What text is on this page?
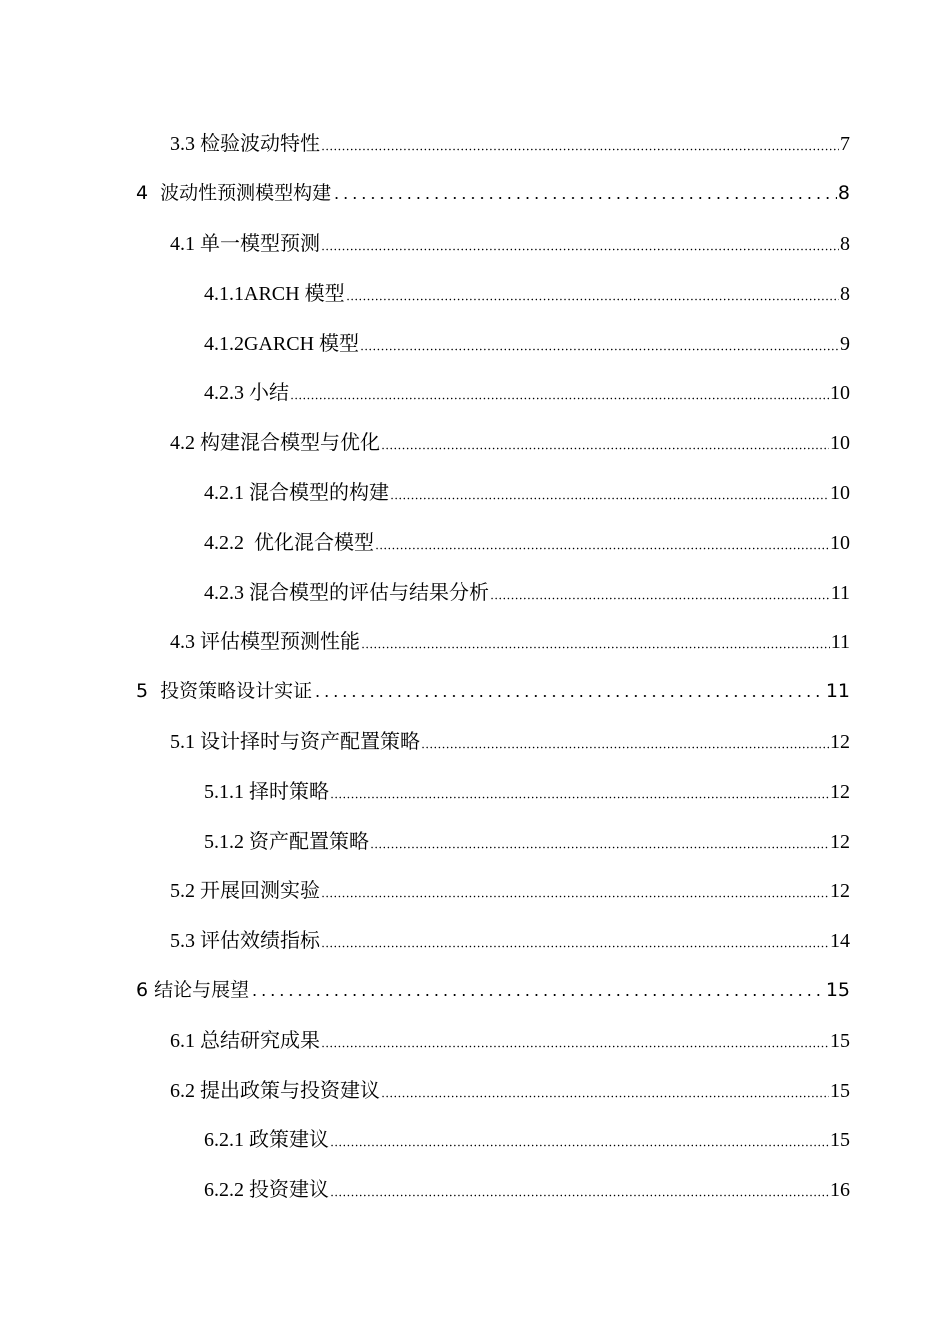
3.3 检验波动特性	7
4  波动性预测模型构建	8
4.1 单一模型预测	8
4.1.1ARCH 模型	8
4.1.2GARCH 模型	9
4.2.3 小结	10
4.2 构建混合模型与优化	10
4.2.1 混合模型的构建	10
4.2.2  优化混合模型	10
4.2.3 混合模型的评估与结果分析	11
4.3 评估模型预测性能	11
5  投资策略设计实证	11
5.1 设计择时与资产配置策略	12
5.1.1 择时策略	12
5.1.2 资产配置策略	12
5.2 开展回测实验	12
5.3 评估效绩指标	14
6 结论与展望	15
6.1 总结研究成果	15
6.2 提出政策与投资建议	15
6.2.1 政策建议	15
6.2.2 投资建议	16
